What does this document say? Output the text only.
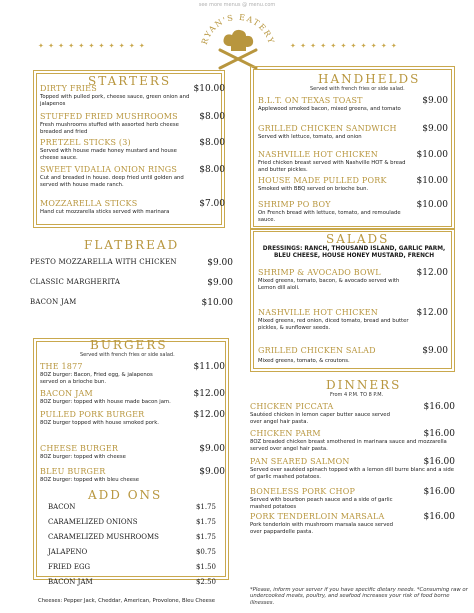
see more menus @ menu.com
✦ ✦ ✦ ✦ ✦ ✦ ✦ ✦ ✦ ✦ ✦	✦ ✦ ✦ ✦ ✦ ✦ ✦ ✦ ✦ ✦ ✦
RYAN'S EATERY
STARTERS
DIRTY FRIES	$10.00
Topped with pulled pork, cheese sauce, green onion and jalapenos
STUFFED FRIED MUSHROOMS $8.00
Fresh mushrooms stuffed with assorted herb cheese breaded and fried
PRETZEL STICKS (3)	$8.00
Served with house made honey mustard and house cheese sauce.
SWEET VIDALIA ONION RINGS $8.00
Cut and breaded in house. deep fried until golden and served with house made ranch.
MOZZARELLA STICKS	$7.00
Hand cut mozzarella sticks served with marinara
FLATBREAD
PESTO MOZZARELLA WITH CHICKEN	$9.00
CLASSIC MARGHERITA	$9.00
BACON JAM	$10.00
BURGERS
Served with french fries or side salad.
THE 1877	$11.00
8OZ burger: Bacon, Fried egg, & jalapenos served on a brioche bun.
BACON JAM	$12.00
8OZ burger: topped with house made bacon jam.
PULLED PORK BURGER	$12.00
8OZ burger topped with house smoked pork.
CHEESE BURGER	$9.00
8OZ burger: topped with cheese
BLEU BURGER	$9.00
8OZ burger: topped with bleu cheese
ADD ONS
BACON	$1.75
CARAMELIZED ONIONS	$1.75
CARAMELIZED MUSHROOMS	$1.75
JALAPENO	$0.75
FRIED EGG	$1.50
BACON JAM	$2.50
Cheeses: Pepper Jack, Cheddar, American, Provolone, Bleu Cheese
HANDHELDS
Served with french fries or side salad.
B.L.T. ON TEXAS TOAST	$9.00
Applewood smoked bacon, mixed greens, and tomato
GRILLED CHICKEN SANDWICH	$9.00
Served with lettuce, tomato, and onion
NASHVILLE HOT CHICKEN	$10.00
Fried chicken breast served with Nashville HOT & bread and butter pickles.
HOUSE MADE PULLED PORK	$10.00
Smoked with BBQ served on brioche bun.
SHRIMP PO BOY	$10.00
On French bread with lettuce, tomato, and remoulade sauce.
SALADS
DRESSINGS: RANCH, THOUSAND ISLAND, GARLIC PARM, BLEU CHEESE, HOUSE HONEY MUSTARD, FRENCH
SHRIMP & AVOCADO BOWL	$12.00
Mixed greens, tomato, bacon, & avocado served with Lemon dill aioli.
NASHVILLE HOT CHICKEN	$12.00
Mixed greens, red onion, diced tomato, bread and butter pickles, & sunflower seeds.
GRILLED CHICKEN SALAD	$9.00
Mixed greens, tomato, & croutons.
DINNERS
From 4 P.M. TO 8 P.M.
CHICKEN PICCATA	$16.00
Sautéed chicken in lemon caper butter sauce served over angel hair pasta.
CHICKEN PARM	$16.00
8OZ breaded chicken breast smothered in marinara sauce and mozzarella served over angel hair pasta.
PAN SEARED SALMON	$16.00
Served over sautéed spinach topped with a lemon dill burre blanc and a side of garlic mashed potatoes.
BONELESS PORK CHOP	$16.00
Served with bourbon peach sauce and a side of garlic mashed potatoes
PORK TENDERLOIN MARSALA	$16.00
Pork tenderloin with mushroom marsala sauce served over pappardelle pasta.
*Please, inform your server if you have specific dietary needs. *Consuming raw or undercooked meats, poultry, and seafood increases your risk of food borne illnesses.
